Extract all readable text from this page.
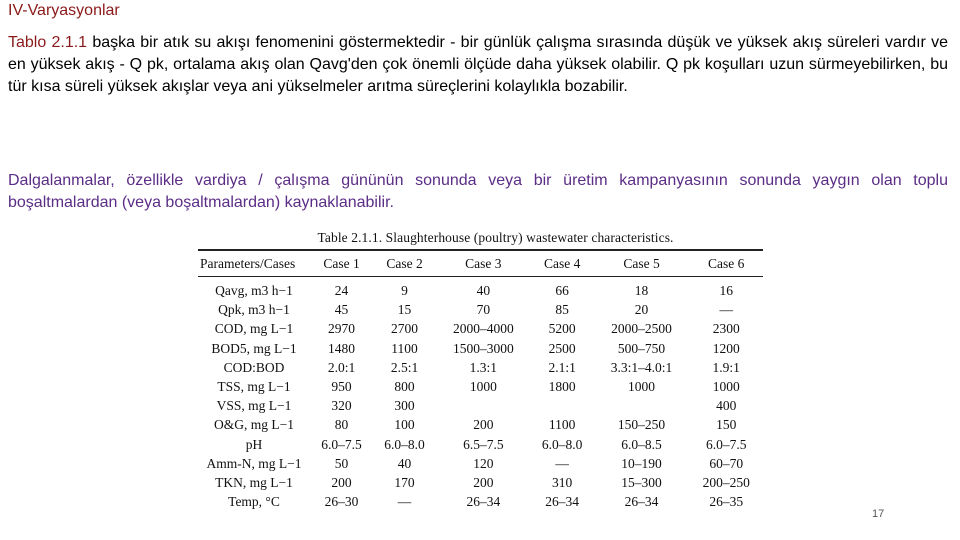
IV-Varyasyonlar
Tablo 2.1.1 başka bir atık su akışı fenomenini göstermektedir - bir günlük çalışma sırasında düşük ve yüksek akış süreleri vardır ve en yüksek akış - Q pk, ortalama akış olan Qavg'den çok önemli ölçüde daha yüksek olabilir. Q pk koşulları uzun sürmeyebilirken, bu tür kısa süreli yüksek akışlar veya ani yükselmeler arıtma süreçlerini kolaylıkla bozabilir.
Dalgalanmalar, özellikle vardiya / çalışma gününün sonunda veya bir üretim kampanyasının sonunda yaygın olan toplu boşaltmalardan (veya boşaltmalardan) kaynaklanabilir.
Table 2.1.1. Slaughterhouse (poultry) wastewater characteristics.
Parameters/Cases	Case 1	Case 2	Case 3	Case 4	Case 5	Case 6
Qavg, m3 h−1	24	9	40	66	18	16
Qpk, m3 h−1	45	15	70	85	20	—
COD, mg L−1	2970	2700	2000–4000	5200	2000–2500	2300
BOD5, mg L−1	1480	1100	1500–3000	2500	500–750	1200
COD:BOD	2.0:1	2.5:1	1.3:1	2.1:1	3.3:1–4.0:1	1.9:1
TSS, mg L−1	950	800	1000	1800	1000	1000
VSS, mg L−1	320	300				400
O&G, mg L−1	80	100	200	1100	150–250	150
pH	6.0–7.5	6.0–8.0	6.5–7.5	6.0–8.0	6.0–8.5	6.0–7.5
Amm-N, mg L−1	50	40	120	—	10–190	60–70
TKN, mg L−1	200	170	200	310	15–300	200–250
Temp, °C	26–30	—	26–34	26–34	26–34	26–35
17
